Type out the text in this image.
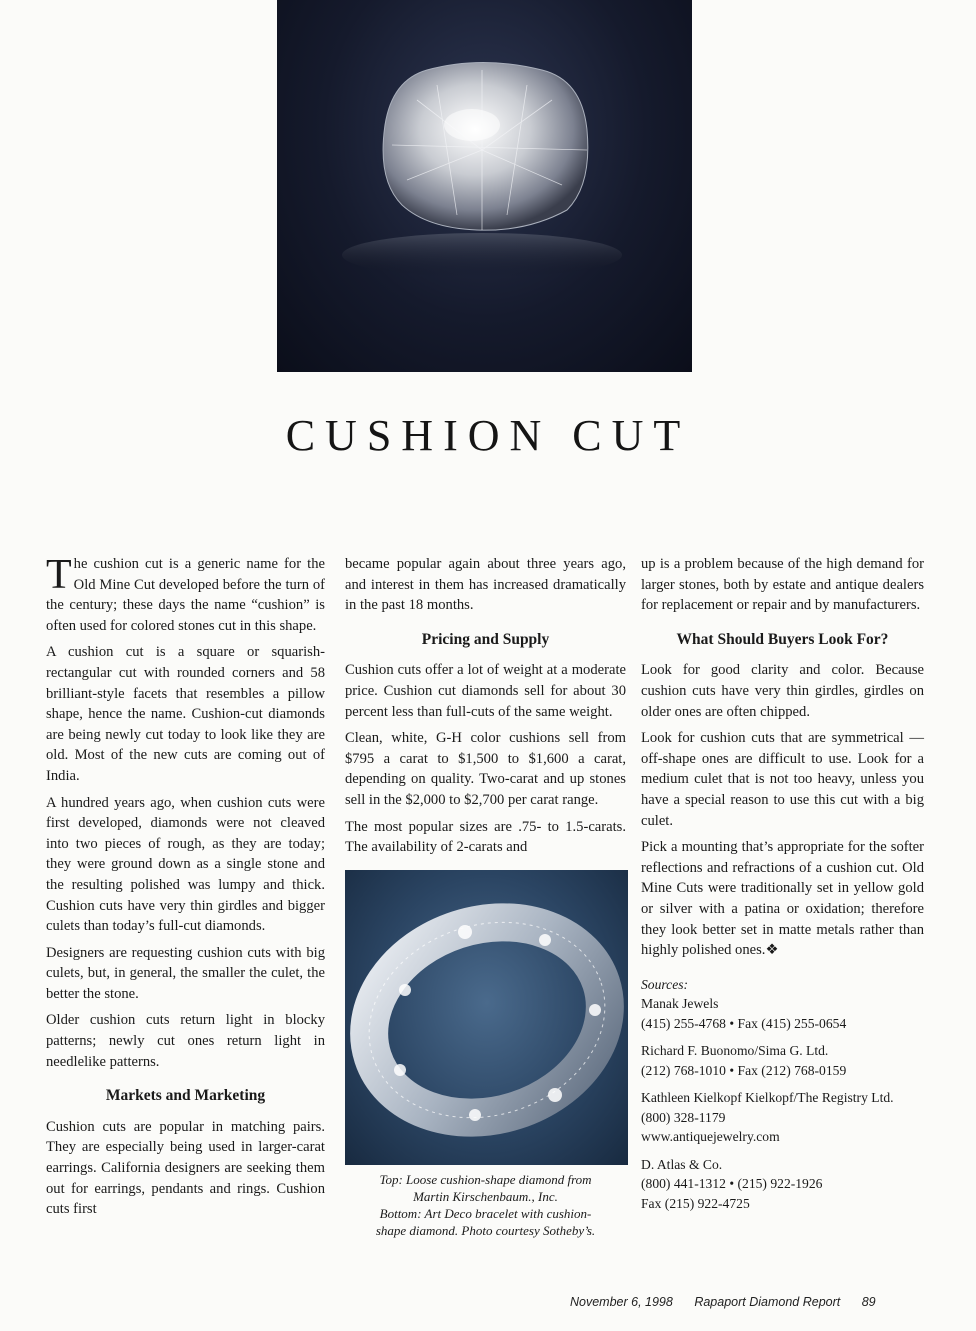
CUSHION CUT

The cushion cut is a generic name for the Old Mine Cut developed before the turn of the century; these days the name “cushion” is often used for colored stones cut in this shape.

A cushion cut is a square or squarish-rectangular cut with rounded corners and 58 brilliant-style facets that resembles a pillow shape, hence the name. Cushion-cut diamonds are being newly cut today to look like they are old. Most of the new cuts are coming out of India.

A hundred years ago, when cushion cuts were first developed, diamonds were not cleaved into two pieces of rough, as they are today; they were ground down as a single stone and the resulting polished was lumpy and thick. Cushion cuts have very thin girdles and bigger culets than today’s full-cut diamonds.

Designers are requesting cushion cuts with big culets, but, in general, the smaller the culet, the better the stone.

Older cushion cuts return light in blocky patterns; newly cut ones return light in needlelike patterns.

Markets and Marketing

Cushion cuts are popular in matching pairs. They are especially being used in larger-carat earrings. California designers are seeking them out for earrings, pendants and rings. Cushion cuts first

became popular again about three years ago, and interest in them has increased dramatically in the past 18 months.

Pricing and Supply

Cushion cuts offer a lot of weight at a moderate price. Cushion cut diamonds sell for about 30 percent less than full-cuts of the same weight.

Clean, white, G-H color cushions sell from $795 a carat to $1,500 to $1,600 a carat, depending on quality. Two-carat and up stones sell in the $2,000 to $2,700 per carat range.

The most popular sizes are .75- to 1.5-carats. The availability of 2-carats and

Top: Loose cushion-shape diamond from
Martin Kirschenbaum., Inc.
Bottom: Art Deco bracelet with cushion-
shape diamond. Photo courtesy Sotheby’s.

up is a problem because of the high demand for larger stones, both by estate and antique dealers for replacement or repair and by manufacturers.

What Should Buyers Look For?

Look for good clarity and color. Because cushion cuts have very thin girdles, girdles on older ones are often chipped.

Look for cushion cuts that are symmetrical — off-shape ones are difficult to use. Look for a medium culet that is not too heavy, unless you have a special reason to use this cut with a big culet.

Pick a mounting that’s appropriate for the softer reflections and refractions of a cushion cut. Old Mine Cuts were traditionally set in yellow gold or silver with a patina or oxidation; therefore they look better set in matte metals rather than highly polished ones.❖

Sources:
Manak Jewels
(415) 255-4768 • Fax (415) 255-0654
Richard F. Buonomo/Sima G. Ltd.
(212) 768-1010 • Fax (212) 768-0159
Kathleen Kielkopf Kielkopf/The Registry Ltd.
(800) 328-1179
www.antiquejewelry.com
D. Atlas & Co.
(800) 441-1312 • (215) 922-1926
Fax (215) 922-4725
November 6, 1998 Rapaport Diamond Report 89
